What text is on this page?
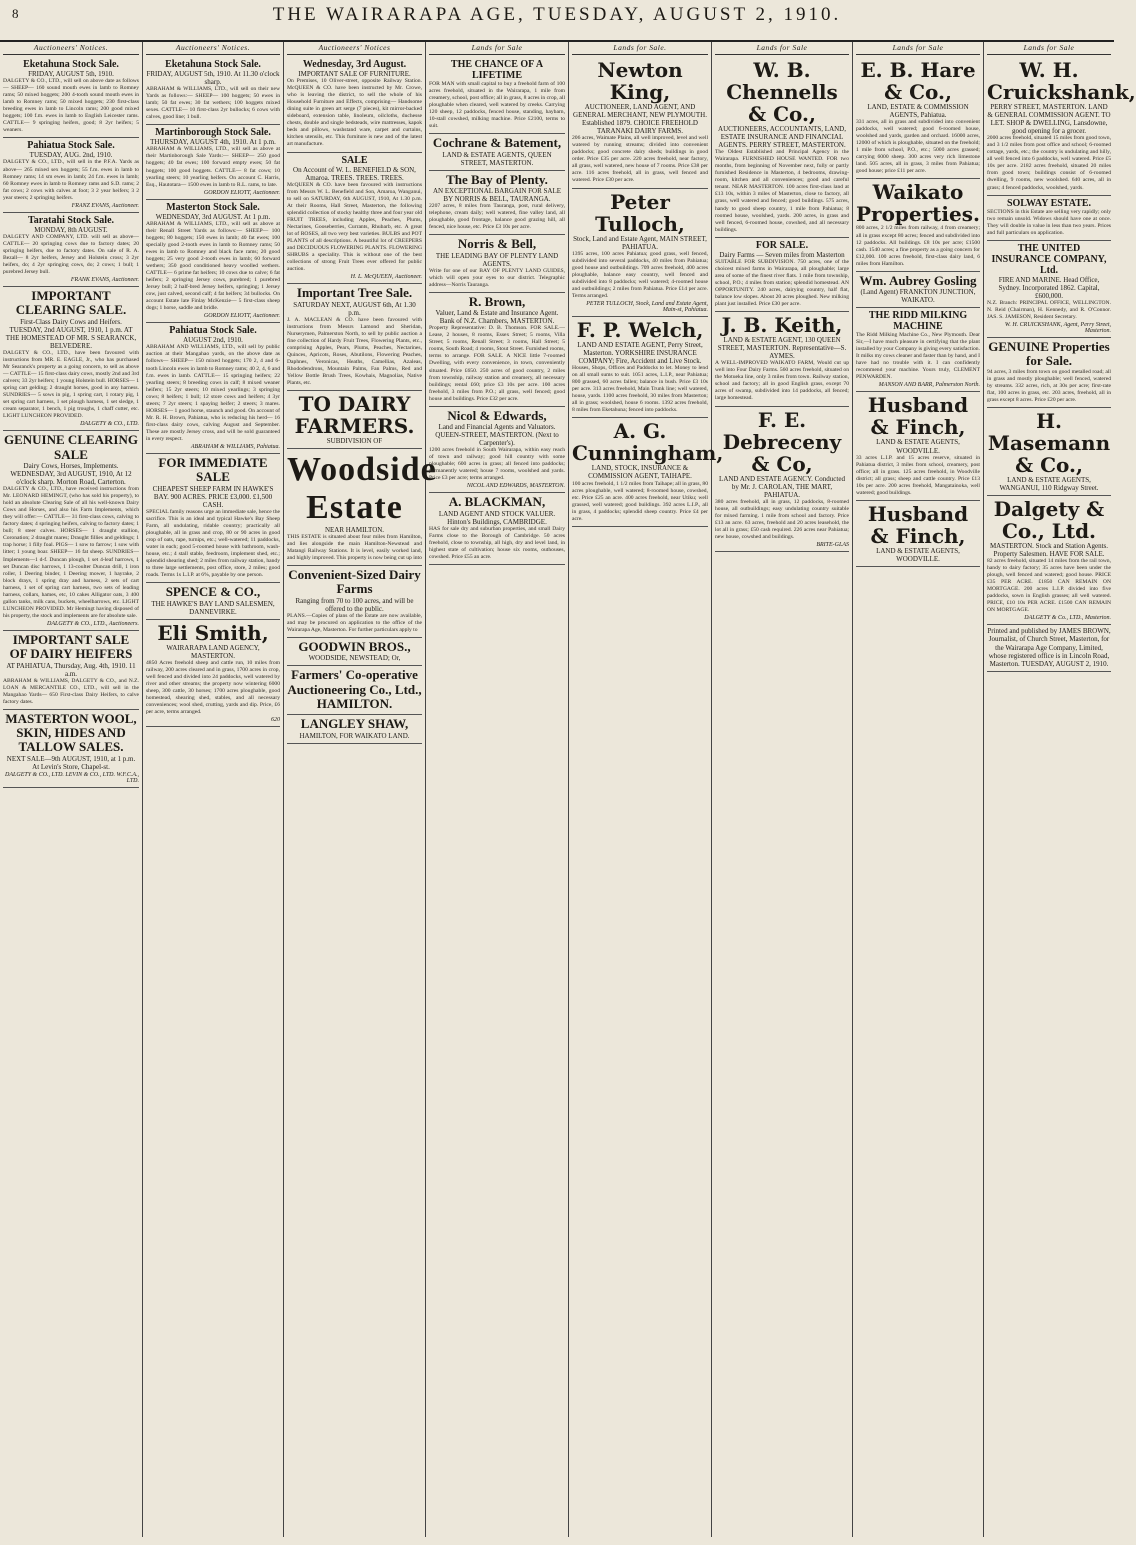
8	THE WAIRARAPA AGE, TUESDAY, AUGUST 2, 1910.
Auctioneers' Notices.
Eketahuna Stock Sale.
FRIDAY, AUGUST 5th, 1910.
DALGETY & CO., LTD., will sell on above date as follows— SHEEP— 160 sound mouth ewes in lamb to Romney rams; 50 mixed hoggets; 200 4-tooth sound mouth ewes in lamb to Romney rams; 50 mixed hoggets; 230 first-class breeding ewes in lamb to Lincoln rams; 200 good mixed hoggets; 100 f.m. ewes in lamb to English Leicester rams. CATTLE— 9 springing heifers, good; 8 2yr heifers; 5 weaners.
Pahiatua Stock Sale.
TUESDAY, AUG. 2nd, 1910.
DALGETY & CO., LTD., will sell in the P.F.A. Yards as above— 265 mixed sex hoggets; 55 f.m. ewes in lamb to Romney rams; 14 sm ewes in lamb; 24 f.m. ewes in lamb; 60 Romney ewes in lamb to Romney rams and S.D. rams; 2 fat cows; 2 cows with calves at foot; 3 2 year heifers; 3 2 year steers; 2 springing heifers.
FRANZ EVANS, Auctioneer.
Taratahi Stock Sale.
MONDAY, 8th AUGUST.
DALGETY AND COMPANY, LTD. will sell as above— CATTLE— 20 springing cows due to factory dates; 20 springing heifers, due to factory dates. On sale of R. A. Bezall— 8 2yr heifers, Jersey and Holstein cross; 3 2yr heifers, do; 4 2yr springing cows, do; 2 cows; 1 bull; 1 purebred Jersey bull.
FRANK EVANS, Auctioneer.
IMPORTANT CLEARING SALE.
First-Class Dairy Cows and Heifers. TUESDAY, 2nd AUGUST, 1910, 1 p.m. AT THE HOMESTEAD OF MR. S SEARANCK, BELVEDERE.
DALGETY & CO., LTD., have been favoured with instructions from MR. E. EAGLE, Jr., who has purchased Mr Searanck's property as a going concern, to sell as above— CATTLE— 15 first-class dairy cows, mostly 2nd and 3rd calvers; 33 2yr heifers; 1 young Holstein bull. HORSES— 1 spring cart gelding; 2 draught horses, good in any harness. SUNDRIES— 5 sows in pig, 1 spring cart, 1 rotary pig, 1 set spring cart harness, 1 set plough harness, 1 set sledge, 1 cream separator, 1 bench, 1 pig troughs, 1 chaff cutter, etc. LIGHT LUNCHEON PROVIDED.
DALGETY & CO., LTD.
GENUINE CLEARING SALE
Dairy Cows, Horses, Implements. WEDNESDAY, 3rd AUGUST, 1910, At 12 o'clock sharp. Morton Road, Carterton.
DALGETY & CO., LTD., have received instructions from Mr. LEONARD HEMINGT, (who has sold his property), to hold an absolute Clearing Sale of all his well-known Dairy Cows and Horses, and also his Farm Implements, which they will offer:— CATTLE— 31 first-class cows, calving to factory dates; 4 springing heifers, calving to factory dates; 1 bull; 8 steer calves. HORSES— 1 draught stallion, Coronation; 2 draught mares; Draught fillies and geldings; 1 trap horse; 1 filly foal. PIGS— 1 sow to farrow; 1 sow with litter; 1 young boar. SHEEP— 16 fat sheep. SUNDRIES—Implements—1 d-f. Duncan plough, 1 set 4-leaf harrows, 1 set Duncan disc harrows, 1 13-coulter Duncan drill, 1 iron roller, 1 Deering binder, 1 Deering mower, 1 hayrake, 2 block drays, 1 spring dray and harness, 2 sets of cart harness, 1 set of spring cart harness, two sets of leading harness, collars, hames, etc, 10 cakes Alligator oats, 3 400 gallon tanks, milk cans, buckets, wheelbarrows, etc. LIGHT LUNCHEON PROVIDED. Mr Hemingt having disposed of his property, the stock and implements are for absolute sale.
DALGETY & CO., LTD., Auctioneers.
IMPORTANT SALE OF DAIRY HEIFERS
AT PAHIATUA, Thursday, Aug. 4th, 1910. 11 a.m.
ABRAHAM & WILLIAMS, DALGETY & CO., and N.Z. LOAN & MERCANTILE CO., LTD., will sell in the Mangahao Yards— 650 First-class Dairy Heifers, to calve factory dates.
MASTERTON WOOL, SKIN, HIDES AND TALLOW SALES.
NEXT SALE—9th AUGUST, 1910, at 1 p.m. At Levin's Store, Chapel-st.
DALGETY & CO., LTD. LEVIN & CO., LTD. W.F.C.A., LTD.
Auctioneers' Notices.
Eketahuna Stock Sale.
FRIDAY, AUGUST 5th, 1910. At 11.30 o'clock sharp.
ABRAHAM & WILLIAMS, LTD., will sell on their new Yards as follows:— SHEEP— 100 hoggets; 50 ewes in lamb; 50 fat ewes; 30 fat wethers; 100 hoggets mixed sexes. CATTLE— 10 first-class 2yr bullocks; 6 cows with calves, good line; 1 bull.
Martinborough Stock Sale.
THURSDAY, AUGUST 4th, 1910. At 1 p.m.
ABRAHAM & WILLIAMS, LTD., will sell as above at their Martinborough Sale Yards:— SHEEP— 250 good hoggets; 40 fat ewes; 100 forward empty ewes; 50 fat hoggets; 100 good hoggets. CATTLE— 8 fat cows; 10 yearling steers; 10 yearling heifers. On account C. Harris, Esq., Hautotara— 1500 ewes in lamb to R.L. rams, to late.
GORDON ELIOTT, Auctioneer.
Masterton Stock Sale.
WEDNESDAY, 3rd AUGUST. At 1 p.m.
ABRAHAM & WILLIAMS, LTD., will sell as above at their Renall Street Yards as follows:— SHEEP— 100 hoggets; 80 hoggets; 150 ewes in lamb; 40 fat ewes; 100 specially good 2-tooth ewes in lamb to Romney rams; 50 ewes in lamb to Romney and black face rams; 20 good hoggets; 25 very good 2-tooth ewes in lamb; 60 forward wethers; 350 good conditioned heavy woolled wethers. CATTLE— 6 prime fat heifers; 10 cows due to calve; 6 fat heifers; 2 springing Jersey cows, purebred; 1 purebred Jersey bull; 2 half-bred Jersey heifers, springing; 1 Jersey cow, just calved, second calf; 4 fat heifers; 34 bullocks. On account Estate late Finlay McKenzie— 5 first-class sheep dogs; 1 horse, saddle and bridle.
GORDON ELIOTT, Auctioneer.
Pahiatua Stock Sale.
AUGUST 2nd, 1910.
ABRAHAM AND WILLIAMS, LTD., will sell by public auction at their Mangahao yards, on the above date as follows— SHEEP— 150 mixed hoggets; 170 2, 4 and 6-tooth Lincoln ewes in lamb to Romney rams; 40 2, 4, 6 and f.m. ewes in lamb. CATTLE— 15 springing heifers; 22 yearling steers; 8 breeding cows in calf; 8 mixed weaner heifers; 15 2yr steers; 10 mixed yearlings; 3 springing cows; 8 heifers; 1 bull; 12 store cows and heifers; 4 3yr steers; 7 2yr steers; 1 spaying heifer; 2 steers; 3 mares. HORSES— 1 good horse, staunch and good. On account of Mr. R. H. Brown, Pahiatua, who is reducing his herd— 16 first-class dairy cows, calving August and September. These are mostly Jersey cross, and will be sold guaranteed in every respect.
ABRAHAM & WILLIAMS, Pahiatua.
FOR IMMEDIATE SALE
CHEAPEST SHEEP FARM IN HAWKE'S BAY. 900 ACRES. PRICE £3,000. £1,500 CASH.
SPECIAL family reasons urge an immediate sale, hence the sacrifice. This is an ideal and typical Hawke's Bay Sheep Farm, all undulating, ridable country; practically all ploughable, all in grass and crop, 80 or 90 acres in good crop of oats, rape, turnips, etc.; well-watered; 11 paddocks, water in each; good 5-roomed house with bathroom, wash-house, etc.; 4 stall stable, feedroom, implement shed, etc.; splendid shearing shed; 2 miles from railway station, handy to three large settlements, post office, store, 2 miles; good roads. Terms 1s L.I.P. at 6%, payable by one person.
SPENCE & CO.,
THE HAWKE'S BAY LAND SALESMEN, DANNEVIRKE.
Eli Smith,
WAIRARAPA LAND AGENCY, MASTERTON.
4850 Acres freehold sheep and cattle run, 10 miles from railway, 200 acres cleared and in grass, 1700 acres in crop, well fenced and divided into 24 paddocks, well watered by river and other streams; the property now wintering 6000 sheep, 300 cattle, 30 horses; 1700 acres ploughable, good homestead, shearing shed, stables, and all necessary conveniences; wool shed, crutting, yards and dip. Price, £6 per acre, terms arranged.
620
Auctioneers' Notices
Wednesday, 3rd August.
IMPORTANT SALE OF FURNITURE.
On Premises, 10 Oliver-street, opposite Railway Station. McQUEEN & CO. have been instructed by Mr. Crowe, who is leaving the district, to sell the whole of his Household Furniture and Effects, comprising— Handsome dining suite in green art serge (7 pieces), kit mirror-backed sideboard, extension table, linoleum, oilcloths, duchesse chests, double and single bedsteads, wire mattresses, kapok beds and pillows, washstand ware, carpet and curtains, kitchen utensils, etc. This furniture is new and of the latest art manufacture.
SALE
On Account of W. L. BENEFIELD & SON, Amaroa. TREES. TREES. TREES.
McQUEEN & CO. have been favoured with instructions from Messrs W. L. Benefield and Son, Amaroa, Wanganui, to sell on SATURDAY, 6th AUGUST, 1910, At 1.30 p.m. At their Rooms, Hall Street, Masterton, the following splendid collection of stocky healthy three and four year old FRUIT TREES, including Apples, Peaches, Plums, Nectarines, Gooseberries, Currants, Rhubarb, etc. A great lot of ROSES, all two very best varieties. BULBS and POT PLANTS of all descriptions. A beautiful lot of CREEPERS and DECIDUOUS FLOWERING PLANTS. FLOWERING SHRUBS a speciality. This is without one of the best collections of strong Fruit Trees ever offered for public auction.
H. L. McQUEEN, Auctioneer.
Important Tree Sale.
SATURDAY NEXT, AUGUST 6th, At 1.30 p.m.
J. A. MACLEAN & CO. have been favoured with instructions from Messrs Lamond and Sheridan, Nurserymen, Palmerston North, to sell by public auction a fine collection of Hardy Fruit Trees, Flowering Plants, etc., comprising Apples, Pears, Plums, Peaches, Nectarines, Quinces, Apricots, Roses, Abutilons, Flowering Peaches, Daphnes, Veronicas, Heaths, Camellias, Azaleas, Rhododendrons, Mountain Palms, Fan Palms, Red and Yellow Bottle Brush Trees, Kowhais, Magnolias, Native Plants, etc.
TO DAIRY FARMERS.
SUBDIVISION OF
Woodside Estate
NEAR HAMILTON.
THIS ESTATE is situated about four miles from Hamilton, and lies alongside the main Hamilton-Newstead and Matangi Railway Stations. It is level, easily worked land, and highly improved. This property is now being cut up into
Convenient-Sized Dairy Farms
Ranging from 70 to 100 acres, and will be offered to the public.
PLANS.—Copies of plans of the Estate are now available, and may be procured on application to the office of the Wairarapa Age, Masterton. For further particulars apply to
GOODWIN BROS.,
WOODSIDE, NEWSTEAD; Or,
Farmers' Co-operative Auctioneering Co., Ltd., HAMILTON.
LANGLEY SHAW,
HAMILTON, FOR WAIKATO LAND.
Lands for Sale
THE CHANCE OF A LIFETIME
FOR MAN with small capital to buy a freehold farm of 100 acres freehold, situated in the Wairarapa, 1 mile from creamery, school, post office; all in grass, 8 acres in crop, all ploughable when cleared, well watered by creeks. Carrying 120 sheep, 12 paddocks, fenced house, standing, haybarn, 10-stall cowshed, milking machine. Price £2100, terms to suit.
Cochrane & Batement,
LAND & ESTATE AGENTS, QUEEN STREET, MASTERTON.
The Bay of Plenty.
AN EXCEPTIONAL BARGAIN FOR SALE BY NORRIS & BELL, TAURANGA.
2207 acres, 8 miles from Tauranga, post, rural delivery, telephone, cream daily; well watered, fine valley land, all ploughable, good frontage, balance good grazing hill, all fenced, nice house, etc. Price £3 10s per acre.
Norris & Bell,
THE LEADING BAY OF PLENTY LAND AGENTS.
Write for one of our BAY OF PLENTY LAND GUIDES, which will open your eyes to our district. Telegraphic address—Norris Tauranga.
R. Brown,
Valuer, Land & Estate and Insurance Agent. Bank of N.Z. Chambers, MASTERTON.
Property Representative: D. B. Thomson. FOR SALE.—Lease, 2 houses, 8 rooms, Essex Street; 5 rooms, Villa Street; 5 rooms, Renall Street; 3 rooms, Hall Street; 5 rooms, South Road; 4 rooms, Stout Street. Furnished rooms, terms to arrange. FOR SALE. A NICE little 7-roomed Dwelling, with every convenience, in town, conveniently situated. Price £650. 250 acres of good country, 2 miles from township, railway station and creamery, all necessary buildings; rental £60; price £3 10s per acre. 100 acres freehold, 3 miles from P.O.; all grass, well fenced; good house and buildings. Price £32 per acre.
Nicol & Edwards,
Land and Financial Agents and Valuators. QUEEN-STREET, MASTERTON. (Next to Carpenter's).
1200 acres freehold in South Wairarapa, within easy reach of town and railway; good hill country with some ploughable; 600 acres in grass; all fenced into paddocks; permanently watered; house 7 rooms, woolshed and yards. Price £3 per acre; terms arranged.
NICOL AND EDWARDS, MASTERTON.
A. BLACKMAN,
LAND AGENT AND STOCK VALUER. Hinton's Buildings, CAMBRIDGE.
HAS for sale dry and suburban properties, and small Dairy Farms close to the Borough of Cambridge. 50 acres freehold, close to township, all high, dry and level land, in highest state of cultivation; house six rooms, outhouses, cowshed. Price £55 an acre.
Lands for Sale.
Newton King,
AUCTIONEER, LAND AGENT, AND GENERAL MERCHANT, NEW PLYMOUTH. Established 1879. CHOICE FREEHOLD TARANAKI DAIRY FARMS.
206 acres, Waimate Plains, all well improved, level and well watered by running streams; divided into convenient paddocks; good concrete dairy sheds; buildings in good order. Price £35 per acre. 220 acres freehold, near factory, all grass, well watered, new house of 7 rooms. Price £38 per acre. 116 acres freehold, all in grass, well fenced and watered. Price £30 per acre.
Peter Tulloch,
Stock, Land and Estate Agent, MAIN STREET, PAHIATUA.
1395 acres, 100 acres Pahiatua; good grass, well fenced, subdivided into several paddocks, 40 miles from Pahiatua; good house and outbuildings. 709 acres freehold, 400 acres ploughable, balance easy country, well fenced and subdivided into 8 paddocks; well watered; 4-roomed house and outbuildings; 2 miles from Pahiatua. Price £14 per acre. Terms arranged.
PETER TULLOCH, Stock, Land and Estate Agent, Main-st, Pahiatua.
F. P. Welch,
LAND AND ESTATE AGENT, Perry Street, Masterton. YORKSHIRE INSURANCE COMPANY; Fire, Accident and Live Stock.
Houses, Shops, Offices and Paddocks to let. Money to lend on all small sums to suit. 1051 acres, L.I.P., near Pahiatua; 800 grassed, 60 acres fallen; balance in bush. Price £3 10s per acre. 313 acres freehold, Main Trunk line; well watered, house, yards. 1100 acres freehold, 30 miles from Masterton; all in grass; woolshed, house 6 rooms. 1392 acres freehold, 8 miles from Eketahuna; fenced into paddocks.
A. G. Cunningham,
LAND, STOCK, INSURANCE & COMMISSION AGENT, TAIHAPE.
100 acres freehold, 1 1/2 miles from Taihape; all in grass, 80 acres ploughable, well watered; 8-roomed house, cowshed, etc. Price £25 an acre. 400 acres freehold, near Utiku; well grassed, well watered; good buildings. 392 acres L.I.P., all in grass, 4 paddocks; splendid sheep country. Price £4 per acre.
Lands for Sale
W. B. Chennells & Co.,
AUCTIONEERS, ACCOUNTANTS, LAND, ESTATE INSURANCE AND FINANCIAL AGENTS. PERRY STREET, MASTERTON.
The Oldest Established and Principal Agency in the Wairarapa. FURNISHED HOUSE WANTED. FOR two months, from beginning of November next, fully or partly furnished Residence in Masterton, 4 bedrooms, drawing-room, kitchen and all conveniences; good and careful tenant. NEAR MASTERTON. 100 acres first-class land at £13 10s, within 3 miles of Masterton, close to factory, all grass, well watered and fenced; good buildings. 575 acres, handy to good sheep country, 1 mile from Pahiatua; 8 roomed house, woolshed, yards. 200 acres, in grass and well fenced, 6-roomed house, cowshed, and all necessary buildings.
FOR SALE.
Dairy Farms — Seven miles from Masterton
SUITABLE FOR SUBDIVISION. 750 acres, one of the choicest mixed farms in Wairarapa, all ploughable; large area of some of the finest river flats. 1 mile from township, school, P.O.; 4 miles from station; splendid homestead. AN OPPORTUNITY. 240 acres, dairying country, half flat, balance low slopes. About 20 acres ploughed. New milking plant just installed. Price £30 per acre.
J. B. Keith,
LAND & ESTATE AGENT, 130 QUEEN STREET, MASTERTON. Representative—S. AYMES.
A WELL-IMPROVED WAIKATO FARM, Would cut up well into Four Dairy Farms. 560 acres freehold, situated on the Motueka line, only 3 miles from town. Railway station, school and factory; all in good English grass, except 70 acres of swamp, subdivided into 14 paddocks, all fenced; large homestead.
F. E. Debreceny & Co,
LAND AND ESTATE AGENCY. Conducted by Mr. J. CAROLAN, THE MART, PAHIATUA.
380 acres freehold, all in grass, 12 paddocks, 8-roomed house, all outbuildings; easy undulating country suitable for mixed farming. 1 mile from school and factory. Price £13 an acre. 63 acres, freehold and 20 acres leasehold, the lot all in grass; £50 cash required. 226 acres near Pahiatua; new house, cowshed and buildings.
BRITE-GLAS
Lands for Sale
E. B. Hare & Co.,
LAND, ESTATE & COMMISSION AGENTS, Pahiatua.
331 acres, all in grass and subdivided into convenient paddocks, well watered; good 6-roomed house, woolshed and yards, garden and orchard. 16000 acres, 12000 of which is ploughable, situated on the freehold; 1 mile from school, P.O., etc.; 5000 acres grassed; carrying 6000 sheep. 300 acres very rich limestone land. 505 acres, all in grass, 3 miles from Pahiatua; good house; price £11 per acre.
Waikato Properties.
800 acres, 2 1/2 miles from railway, 4 from creamery; all in grass except 80 acres; fenced and subdivided into 12 paddocks. All buildings. £8 10s per acre; £1500 cash. 1540 acres; a fine property as a going concern for £12,000. 100 acres freehold, first-class dairy land, 6 miles from Hamilton.
Wm. Aubrey Gosling
(Land Agent) FRANKTON JUNCTION, WAIKATO.
THE RIDD MILKING MACHINE
The Ridd Milking Machine Co., New Plymouth. Dear Sir,—I have much pleasure in certifying that the plant installed by your Company is giving every satisfaction. It milks my cows cleaner and faster than by hand, and I have had no trouble with it. I can confidently recommend your machine. Yours truly, CLEMENT PENWARDEN.
MANSON AND BARR, Palmerston North.
Husband & Finch,
LAND & ESTATE AGENTS, WOODVILLE.
33 acres L.I.P. and 15 acres reserve, situated in Pahiatua district, 3 miles from school, creamery, post office; all in grass. 125 acres freehold, in Woodville district; all grass; sheep and cattle country. Price £13 10s per acre. 200 acres freehold, Mangatainoka, well watered; good buildings.
Husband & Finch,
LAND & ESTATE AGENTS, WOODVILLE.
Lands for Sale
W. H. Cruickshank,
PERRY STREET, MASTERTON. LAND & GENERAL COMMISSION AGENT. TO LET. SHOP & DWELLING, Lansdowne, good opening for a grocer.
2000 acres freehold, situated 15 miles from good town, and 3 1/2 miles from post office and school; 6-roomed cottage, yards, etc.; the country is undulating and hilly, all well fenced into 6 paddocks, well watered. Price £5 10s per acre. 2182 acres freehold, situated 20 miles from good town; buildings consist of 6-roomed dwelling, 9 rooms, new woolshed. 640 acres, all in grass; 4 fenced paddocks, woolshed, yards.
SOLWAY ESTATE.
SECTIONS in this Estate are selling very rapidly; only two remain unsold. Widows should have one at once. They will double in value in less than two years. Prices and full particulars on application.
THE UNITED INSURANCE COMPANY, Ltd.
FIRE AND MARINE. Head Office, Sydney. Incorporated 1862. Capital, £600,000.
N.Z. Branch: PRINCIPAL OFFICE, WELLINGTON. N. Reid (Chairman), H. Kennedy, and R. O'Connor. JAS. S. JAMESON, Resident Secretary.
W. H. CRUICKSHANK, Agent, Perry Street, Masterton.
GENUINE Properties for Sale.
94 acres, 3 miles from town on good metalled road; all in grass and mostly ploughable; well fenced, watered by streams. 332 acres, rich, at 30s per acre; first-rate flat, 100 acres in grass, etc. 203 acres, freehold, all in grass except 8 acres. Price £20 per acre.
H. Masemann & Co.,
LAND & ESTATE AGENTS, WANGANUI, 110 Ridgway Street.
Dalgety & Co., Ltd.
MASTERTON. Stock and Station Agents. Property Salesmen. HAVE FOR SALE.
82 acres freehold, situated 14 miles from the rail town, handy to dairy factory; 35 acres have been under the plough, well fenced and watered; good house. PRICE £35 PER ACRE. £1850 CAN REMAIN ON MORTGAGE. 200 acres L.I.P. divided into five paddocks, sown in English grasses; all well watered. PRICE, £10 10s PER ACRE. £1500 CAN REMAIN ON MORTGAGE.
DALGETY & Co., LTD., Masterton.
Printed and published by JAMES BROWN, Journalist, of Church Street, Masterton, for the Wairarapa Age Company, Limited, whose registered office is in Lincoln Road, Masterton. TUESDAY, AUGUST 2, 1910.
